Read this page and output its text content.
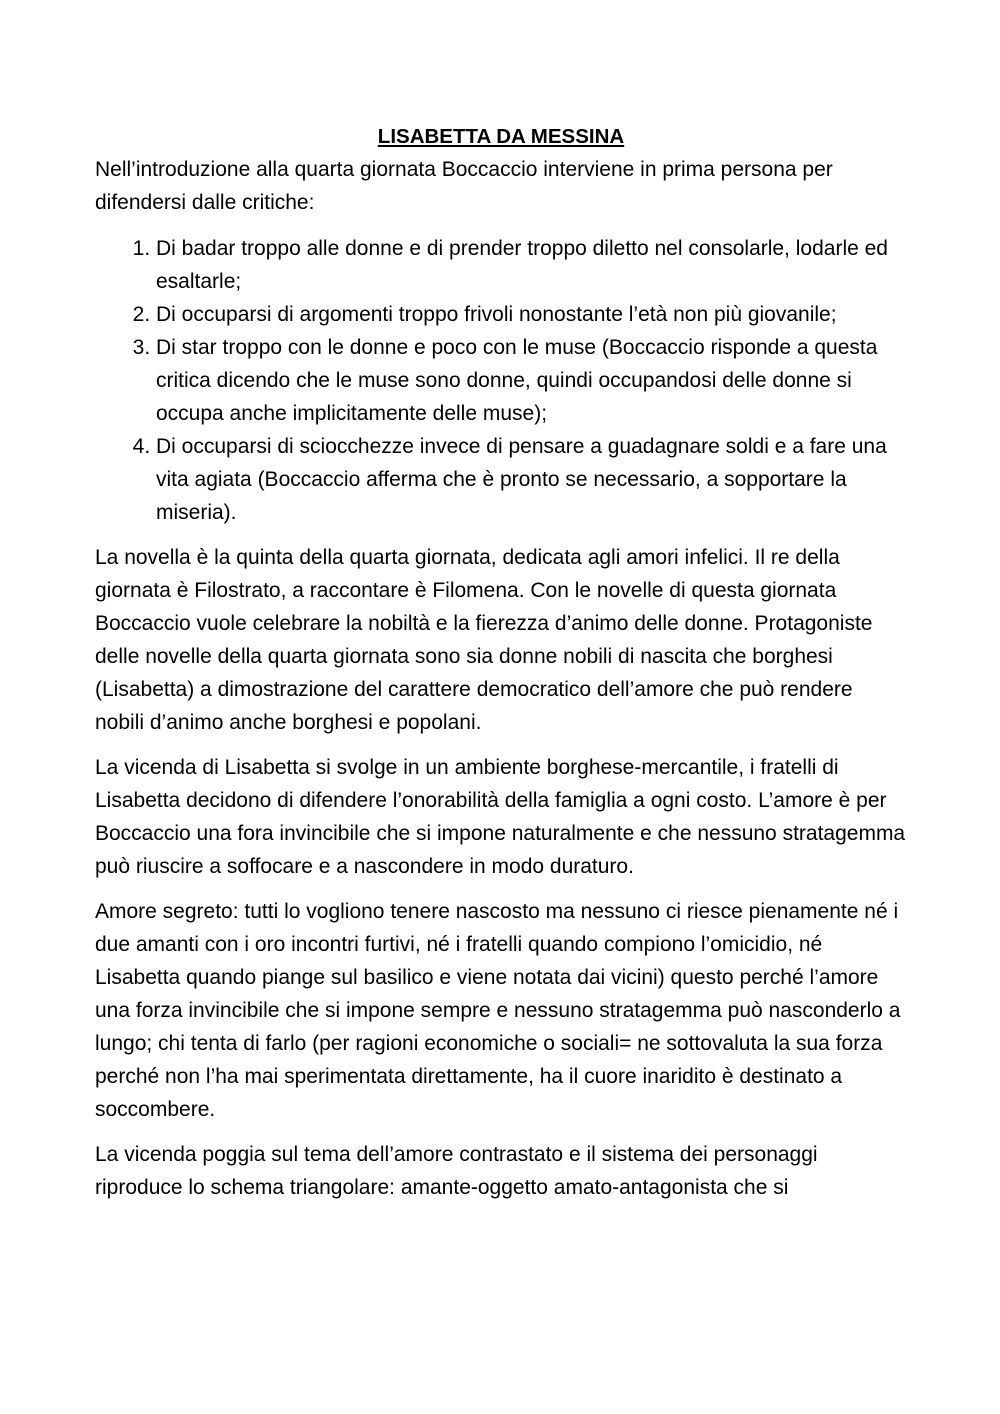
LISABETTA DA MESSINA
Nell’introduzione alla quarta giornata Boccaccio interviene in prima persona per difendersi dalle critiche:
1. Di badar troppo alle donne e di prender troppo diletto nel consolarle, lodarle ed esaltarle;
2. Di occuparsi di argomenti troppo frivoli nonostante l’età non più giovanile;
3. Di star troppo con le donne e poco con le muse (Boccaccio risponde a questa critica dicendo che le muse sono donne, quindi occupandosi delle donne si occupa anche implicitamente delle muse);
4. Di occuparsi di sciocchezze invece di pensare a guadagnare soldi e a fare una vita agiata (Boccaccio afferma che è pronto se necessario, a sopportare la miseria).
La novella è la quinta della quarta giornata, dedicata agli amori infelici. Il re della giornata è Filostrato, a raccontare è Filomena. Con le novelle di questa giornata Boccaccio vuole celebrare la nobiltà e la fierezza d’animo delle donne. Protagoniste delle novelle della quarta giornata sono sia donne nobili di nascita che borghesi (Lisabetta) a dimostrazione del carattere democratico dell’amore che può rendere nobili d’animo anche borghesi e popolani.
La vicenda di Lisabetta si svolge in un ambiente borghese-mercantile, i fratelli di Lisabetta decidono di difendere l’onorabilità della famiglia a ogni costo. L’amore è per Boccaccio una fora invincibile che si impone naturalmente e che nessuno stratagemma può riuscire a soffocare e a nascondere in modo duraturo.
Amore segreto: tutti lo vogliono tenere nascosto ma nessuno ci riesce pienamente né i due amanti con i oro incontri furtivi, né i fratelli quando compiono l’omicidio, né Lisabetta quando piange sul basilico e viene notata dai vicini) questo perché l’amore una forza invincibile che si impone sempre e nessuno stratagemma può nasconderlo a lungo; chi tenta di farlo (per ragioni economiche o sociali= ne sottovaluta la sua forza perché non l’ha mai sperimentata direttamente, ha il cuore inaridito è destinato a soccombere.
La vicenda poggia sul tema dell’amore contrastato e il sistema dei personaggi riproduce lo schema triangolare: amante-oggetto amato-antagonista che si
